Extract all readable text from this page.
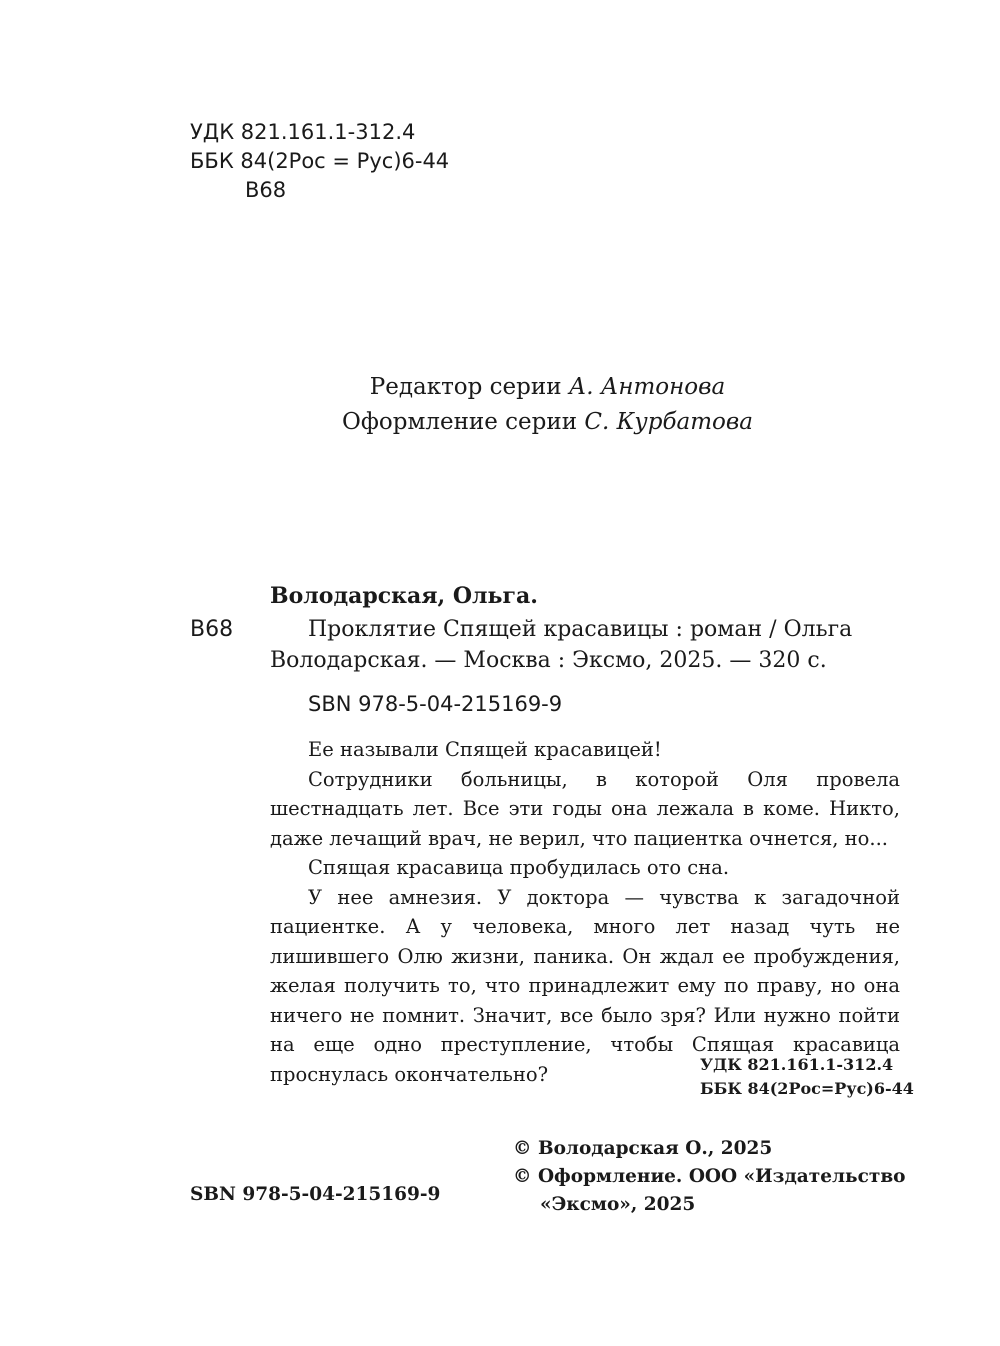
УДК 821.161.1-312.4
ББК 84(2Рос = Рус)6-44
В68
Редактор серии А. Антонова
Оформление серии С. Курбатова
Володарская, Ольга.
В68	Проклятие Спящей красавицы : роман / Ольга
Володарская. — Москва : Эксмо, 2025. — 320 с.
SBN 978-5-04-215169-9

Ее называли Спящей красавицей!

Сотрудники больницы, в которой Оля провела шестнадцать лет. Все эти годы она лежала в коме. Никто, даже лечащий врач, не верил, что пациентка очнется, но...

Спящая красавица пробудилась ото сна.

У нее амнезия. У доктора — чувства к загадочной пациентке. А у человека, много лет назад чуть не лишившего Олю жизни, паника. Он ждал ее пробуждения, желая получить то, что принадлежит ему по праву, но она ничего не помнит. Значит, все было зря? Или нужно пойти на еще одно преступление, чтобы Спящая красавица проснулась окончательно?	УДК 821.161.1-312.4
ББК 84(2Рос=Рус)6-44
© Володарская О., 2025
© Оформление. ООО «Издательство
«Эксмо», 2025
SBN 978-5-04-215169-9
